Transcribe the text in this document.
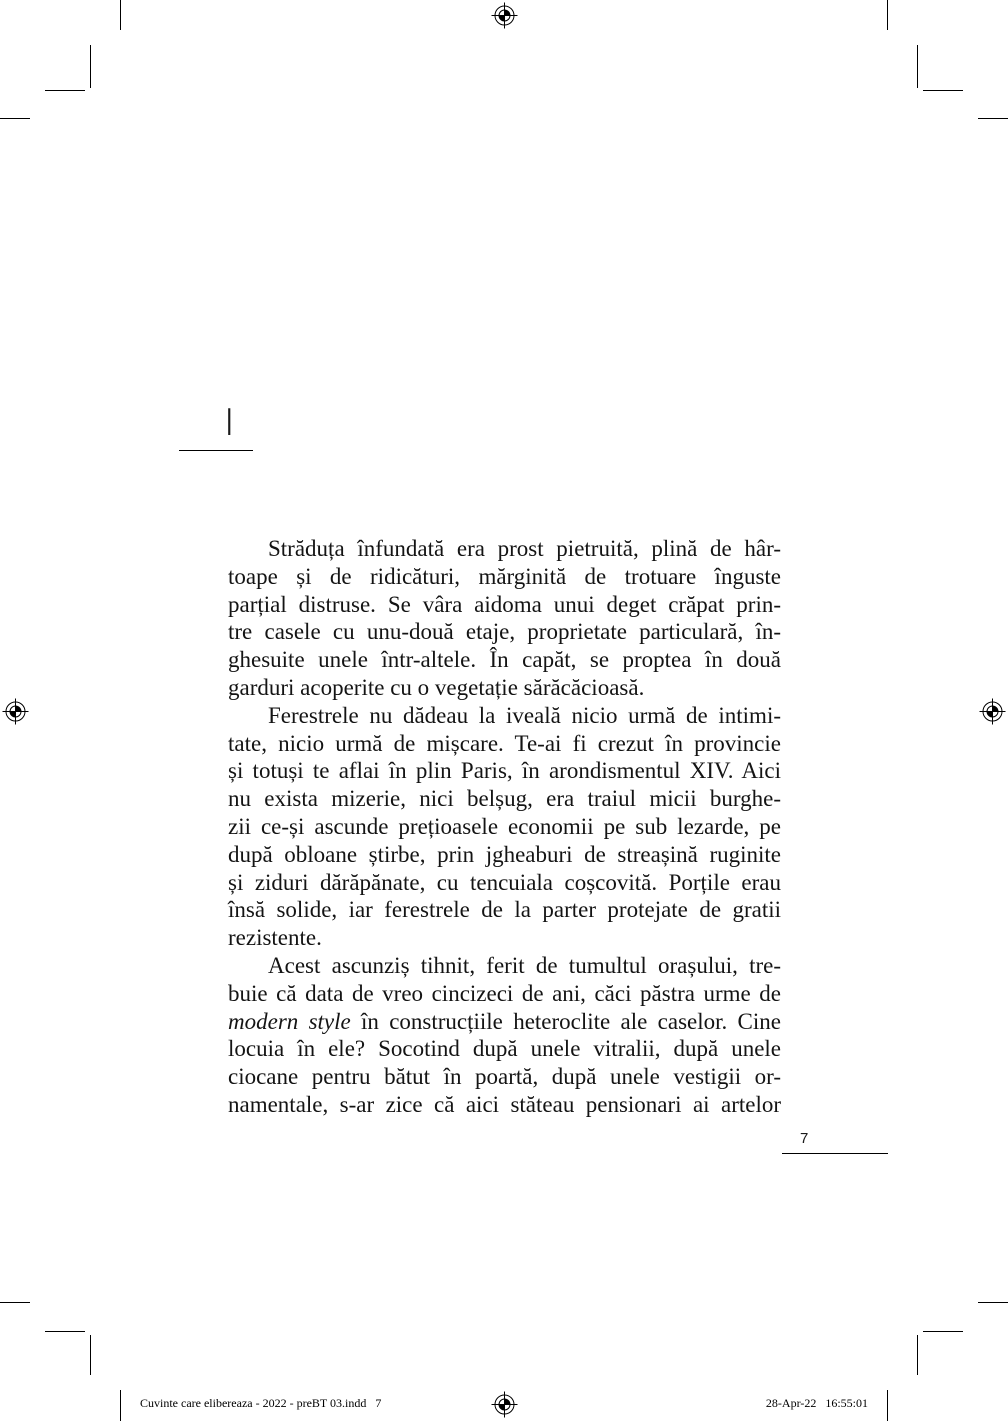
I
Străduța înfundată era prost pietruită, plină de hâr-
toape și de ridicături, mărginită de trotuare înguste
parțial distruse. Se vâra aidoma unui deget crăpat prin-
tre casele cu unu-două etaje, proprietate particulară, în-
ghesuite unele într-altele. În capăt, se proptea în două
garduri acoperite cu o vegetație sărăcăcioasă.
Ferestrele nu dădeau la iveală nicio urmă de intimi-
tate, nicio urmă de mișcare. Te-ai fi crezut în provincie
și totuși te aflai în plin Paris, în arondismentul XIV. Aici
nu exista mizerie, nici belșug, era traiul micii burghe-
zii ce-și ascunde prețioasele economii pe sub lezarde, pe
după obloane știrbe, prin jgheaburi de streașină ruginite
și ziduri dărăpănate, cu tencuiala coșcovită. Porțile erau
însă solide, iar ferestrele de la parter protejate de gratii
rezistente.
Acest ascunziș tihnit, ferit de tumultul orașului, tre-
buie că data de vreo cincizeci de ani, căci păstra urme de
modern style în construcțiile heteroclite ale caselor. Cine
locuia în ele? Socotind după unele vitralii, după unele
ciocane pentru bătut în poartă, după unele vestigii or-
namentale, s-ar zice că aici stăteau pensionari ai artelor
7
Cuvinte care elibereaza - 2022 - preBT 03.indd   7	28-Apr-22   16:55:01
